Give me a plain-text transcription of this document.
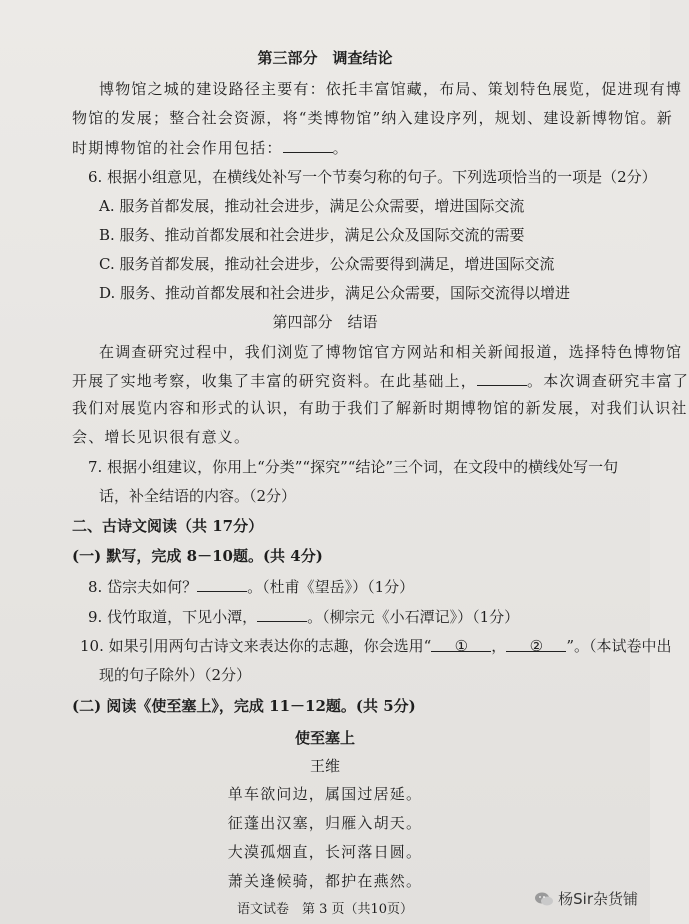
第三部分　调查结论
博物馆之城的建设路径主要有：依托丰富馆藏，布局、策划特色展览，促进现有博
物馆的发展；整合社会资源，将“类博物馆”纳入建设序列，规划、建设新博物馆。新
时期博物馆的社会作用包括：	。
6. 根据小组意见，在横线处补写一个节奏匀称的句子。下列选项恰当的一项是（2分）
A. 服务首都发展，推动社会进步，满足公众需要，增进国际交流
B. 服务、推动首都发展和社会进步，满足公众及国际交流的需要
C. 服务首都发展，推动社会进步，公众需要得到满足，增进国际交流
D. 服务、推动首都发展和社会进步，满足公众需要，国际交流得以增进
第四部分　结语
在调查研究过程中，我们浏览了博物馆官方网站和相关新闻报道，选择特色博物馆
开展了实地考察，收集了丰富的研究资料。在此基础上，	。本次调查研究丰富了
我们对展览内容和形式的认识，有助于我们了解新时期博物馆的新发展，对我们认识社
会、增长见识很有意义。
7. 根据小组建议，你用上“分类”“探究”“结论”三个词，在文段中的横线处写一句
话，补全结语的内容。（2分）
二、古诗文阅读（共 17分）
(一) 默写，完成 8－10题。(共 4分)
8. 岱宗夫如何？	。（杜甫《望岳》）（1分）
9. 伐竹取道，下见小潭，	。（柳宗元《小石潭记》）（1分）
10. 如果引用两句古诗文来表达你的志趣，你会选用“ ① ， ② ”。（本试卷中出
现的句子除外）（2分）
(二) 阅读《使至塞上》，完成 11－12题。(共 5分)
使至塞上
王维
单车欲问边，属国过居延。
征蓬出汉塞，归雁入胡天。
大漠孤烟直，长河落日圆。
萧关逢候骑，都护在燕然。
语文试卷　第 3 页（共10页）
杨Sir杂货铺
